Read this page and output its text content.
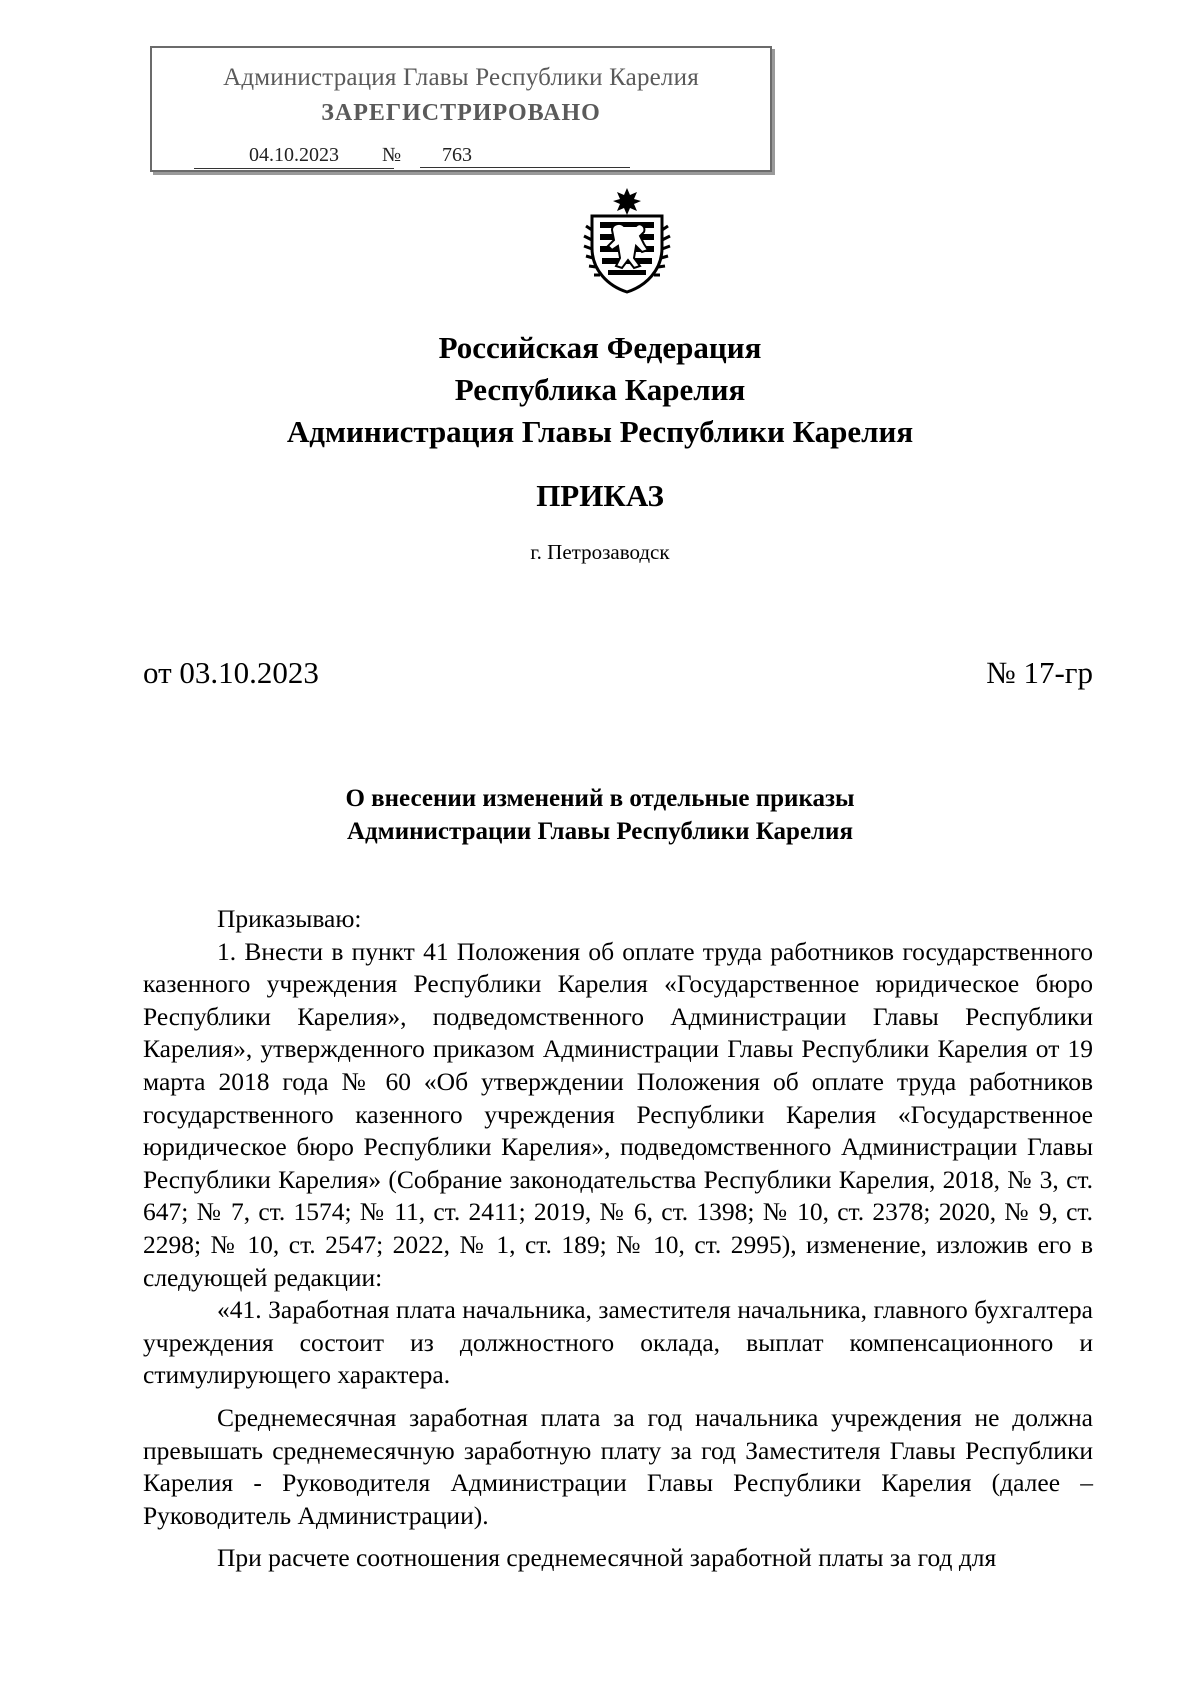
Администрация Главы Республики Карелия
ЗАРЕГИСТРИРОВАНО
04.10.2023	№	763
Российская Федерация
Республика Карелия
Администрация Главы Республики Карелия
ПРИКАЗ
г. Петрозаводск
от 03.10.2023	№ 17-гр
О внесении изменений в отдельные приказы
Администрации Главы Республики Карелия

Приказываю:

1. Внести в пункт 41 Положения об оплате труда работников государственного казенного учреждения Республики Карелия «Государственное юридическое бюро Республики Карелия», подведомственного Администрации Главы Республики Карелия», утвержденного приказом Администрации Главы Республики Карелия от 19 марта 2018 года № 60 «Об утверждении Положения об оплате труда работников государственного казенного учреждения Республики Карелия «Государственное юридическое бюро Республики Карелия», подведомственного Администрации Главы Республики Карелия» (Собрание законодательства Республики Карелия, 2018, № 3, ст. 647; № 7, ст. 1574; № 11, ст. 2411; 2019, № 6, ст. 1398; № 10, ст. 2378; 2020, № 9, ст. 2298; № 10, ст. 2547; 2022, № 1, ст. 189; № 10, ст. 2995), изменение, изложив его в следующей редакции:

«41. Заработная плата начальника, заместителя начальника, главного бухгалтера учреждения состоит из должностного оклада, выплат компенсационного и стимулирующего характера.

Среднемесячная заработная плата за год начальника учреждения не должна превышать среднемесячную заработную плату за год Заместителя Главы Республики Карелия - Руководителя Администрации Главы Республики Карелия (далее – Руководитель Администрации).

При расчете соотношения среднемесячной заработной платы за год для
